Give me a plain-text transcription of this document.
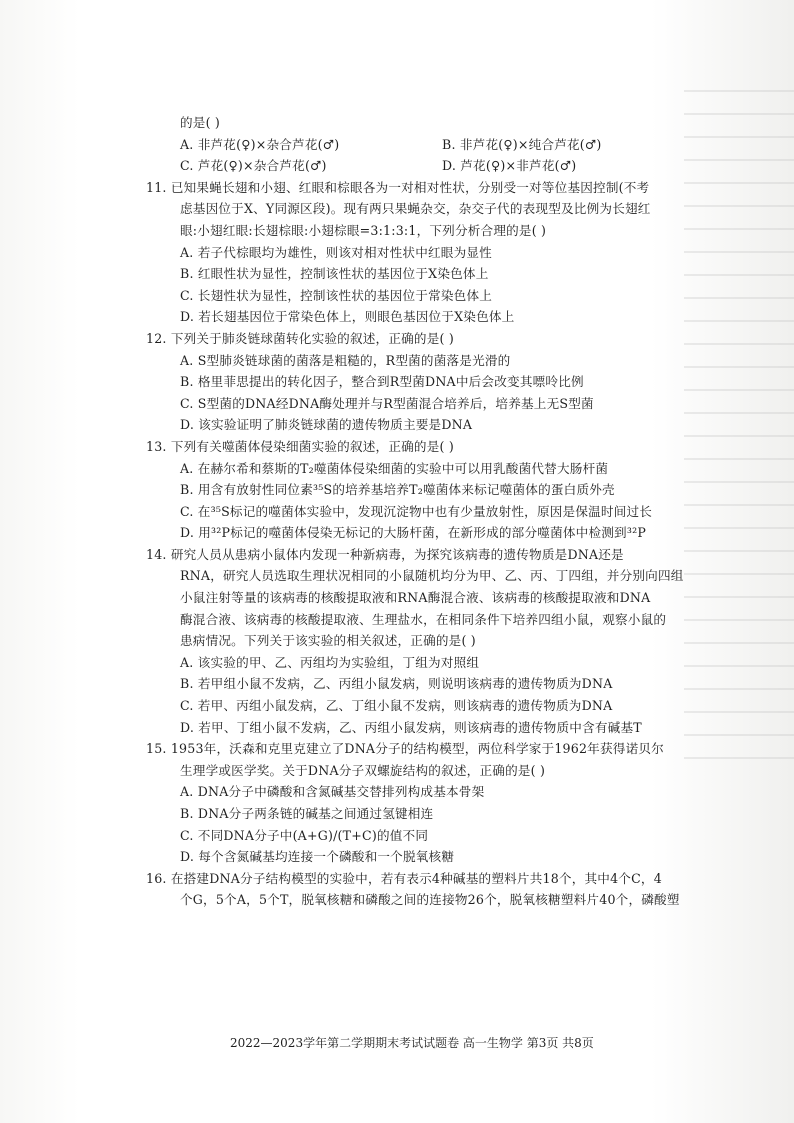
的是( )
A. 非芦花(♀)×杂合芦花(♂)	B. 非芦花(♀)×纯合芦花(♂)
C. 芦花(♀)×杂合芦花(♂)	D. 芦花(♀)×非芦花(♂)
11. 已知果蝇长翅和小翅、红眼和棕眼各为一对相对性状，分别受一对等位基因控制(不考
虑基因位于X、Y同源区段)。现有两只果蝇杂交，杂交子代的表现型及比例为长翅红
眼:小翅红眼:长翅棕眼:小翅棕眼=3:1:3:1，下列分析合理的是( )
A. 若子代棕眼均为雄性，则该对相对性状中红眼为显性
B. 红眼性状为显性，控制该性状的基因位于X染色体上
C. 长翅性状为显性，控制该性状的基因位于常染色体上
D. 若长翅基因位于常染色体上，则眼色基因位于X染色体上
12. 下列关于肺炎链球菌转化实验的叙述，正确的是( )
A. S型肺炎链球菌的菌落是粗糙的，R型菌的菌落是光滑的
B. 格里菲思提出的转化因子，整合到R型菌DNA中后会改变其嘌呤比例
C. S型菌的DNA经DNA酶处理并与R型菌混合培养后，培养基上无S型菌
D. 该实验证明了肺炎链球菌的遗传物质主要是DNA
13. 下列有关噬菌体侵染细菌实验的叙述，正确的是( )
A. 在赫尔希和蔡斯的T₂噬菌体侵染细菌的实验中可以用乳酸菌代替大肠杆菌
B. 用含有放射性同位素³⁵S的培养基培养T₂噬菌体来标记噬菌体的蛋白质外壳
C. 在³⁵S标记的噬菌体实验中，发现沉淀物中也有少量放射性，原因是保温时间过长
D. 用³²P标记的噬菌体侵染无标记的大肠杆菌，在新形成的部分噬菌体中检测到³²P
14. 研究人员从患病小鼠体内发现一种新病毒，为探究该病毒的遗传物质是DNA还是
RNA，研究人员选取生理状况相同的小鼠随机均分为甲、乙、丙、丁四组，并分别向四组
小鼠注射等量的该病毒的核酸提取液和RNA酶混合液、该病毒的核酸提取液和DNA
酶混合液、该病毒的核酸提取液、生理盐水，在相同条件下培养四组小鼠，观察小鼠的
患病情况。下列关于该实验的相关叙述，正确的是( )
A. 该实验的甲、乙、丙组均为实验组，丁组为对照组
B. 若甲组小鼠不发病，乙、丙组小鼠发病，则说明该病毒的遗传物质为DNA
C. 若甲、丙组小鼠发病，乙、丁组小鼠不发病，则该病毒的遗传物质为DNA
D. 若甲、丁组小鼠不发病，乙、丙组小鼠发病，则该病毒的遗传物质中含有碱基T
15. 1953年，沃森和克里克建立了DNA分子的结构模型，两位科学家于1962年获得诺贝尔
生理学或医学奖。关于DNA分子双螺旋结构的叙述，正确的是( )
A. DNA分子中磷酸和含氮碱基交替排列构成基本骨架
B. DNA分子两条链的碱基之间通过氢键相连
C. 不同DNA分子中(A+G)/(T+C)的值不同
D. 每个含氮碱基均连接一个磷酸和一个脱氧核糖
16. 在搭建DNA分子结构模型的实验中，若有表示4种碱基的塑料片共18个，其中4个C，4
个G，5个A，5个T，脱氧核糖和磷酸之间的连接物26个，脱氧核糖塑料片40个，磷酸塑
2022—2023学年第二学期期末考试试题卷 高一生物学 第3页 共8页
